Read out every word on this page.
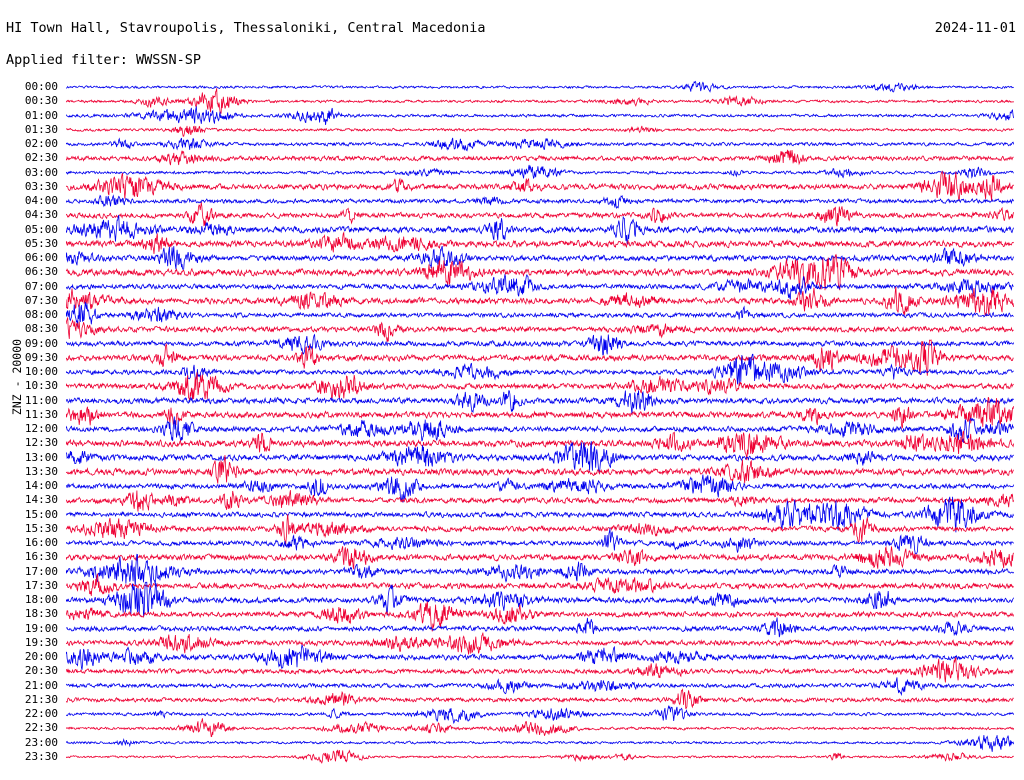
HI Town Hall, Stavroupolis, Thessaloniki, Central Macedonia	2024-11-01
Applied filter: WWSSN-SP
ZNZ - 20000
00:00
00:30
01:00
01:30
02:00
02:30
03:00
03:30
04:00
04:30
05:00
05:30
06:00
06:30
07:00
07:30
08:00
08:30
09:00
09:30
10:00
10:30
11:00
11:30
12:00
12:30
13:00
13:30
14:00
14:30
15:00
15:30
16:00
16:30
17:00
17:30
18:00
18:30
19:00
19:30
20:00
20:30
21:00
21:30
22:00
22:30
23:00
23:30
